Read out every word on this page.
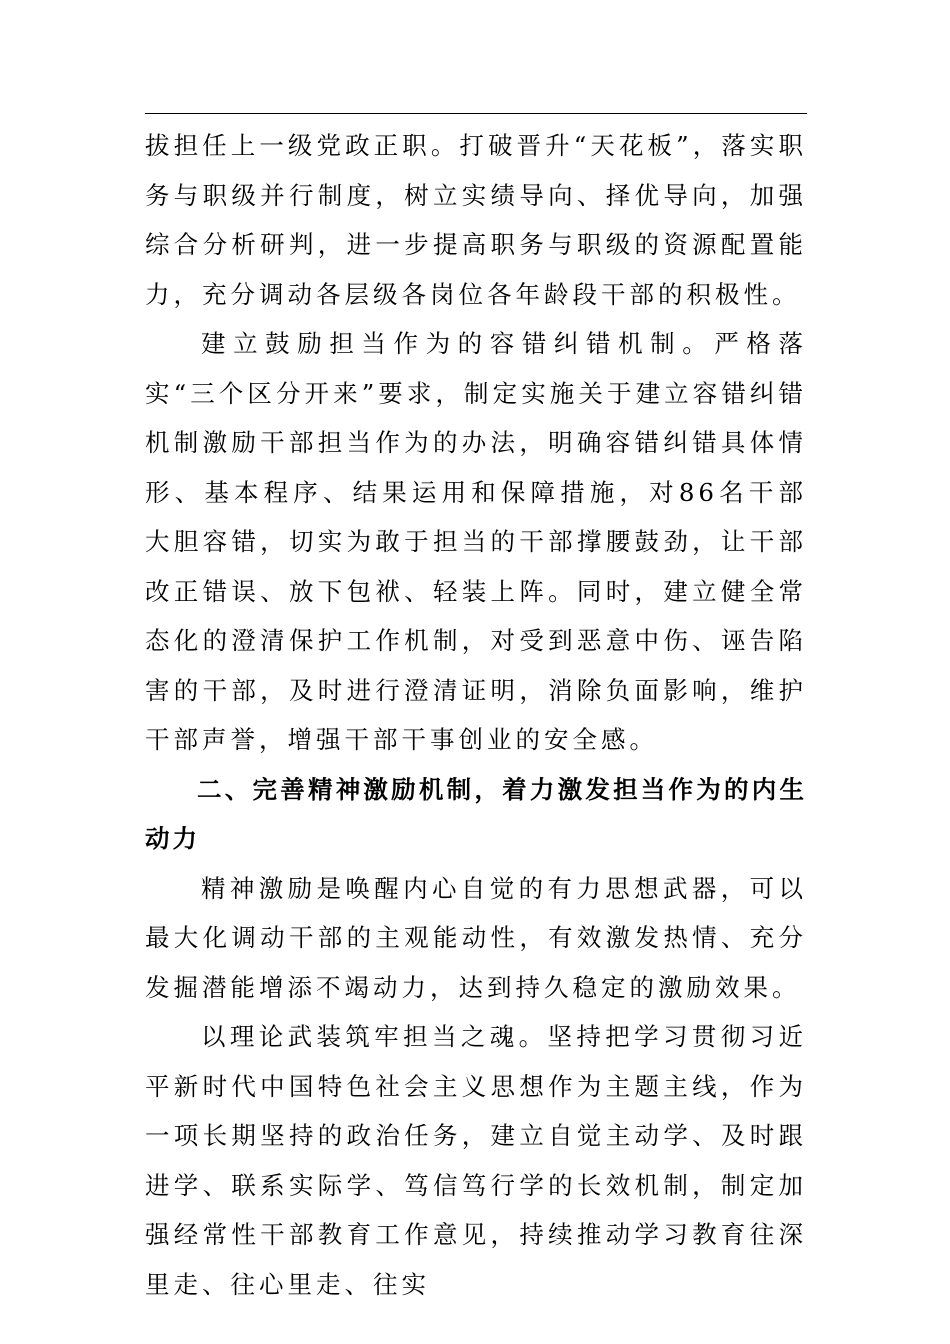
拔担任上一级党政正职。打破晋升“天花板”，落实职务与职级并行制度，树立实绩导向、择优导向，加强综合分析研判，进一步提高职务与职级的资源配置能力，充分调动各层级各岗位各年龄段干部的积极性。

建立鼓励担当作为的容错纠错机制。严格落实“三个区分开来”要求，制定实施关于建立容错纠错机制激励干部担当作为的办法，明确容错纠错具体情形、基本程序、结果运用和保障措施，对86名干部大胆容错，切实为敢于担当的干部撑腰鼓劲，让干部改正错误、放下包袱、轻装上阵。同时，建立健全常态化的澄清保护工作机制，对受到恶意中伤、诬告陷害的干部，及时进行澄清证明，消除负面影响，维护干部声誉，增强干部干事创业的安全感。

二、完善精神激励机制，着力激发担当作为的内生动力

精神激励是唤醒内心自觉的有力思想武器，可以最大化调动干部的主观能动性，有效激发热情、充分发掘潜能增添不竭动力，达到持久稳定的激励效果。

以理论武装筑牢担当之魂。坚持把学习贯彻习近平新时代中国特色社会主义思想作为主题主线，作为一项长期坚持的政治任务，建立自觉主动学、及时跟进学、联系实际学、笃信笃行学的长效机制，制定加强经常性干部教育工作意见，持续推动学习教育往深里走、往心里走、往实
